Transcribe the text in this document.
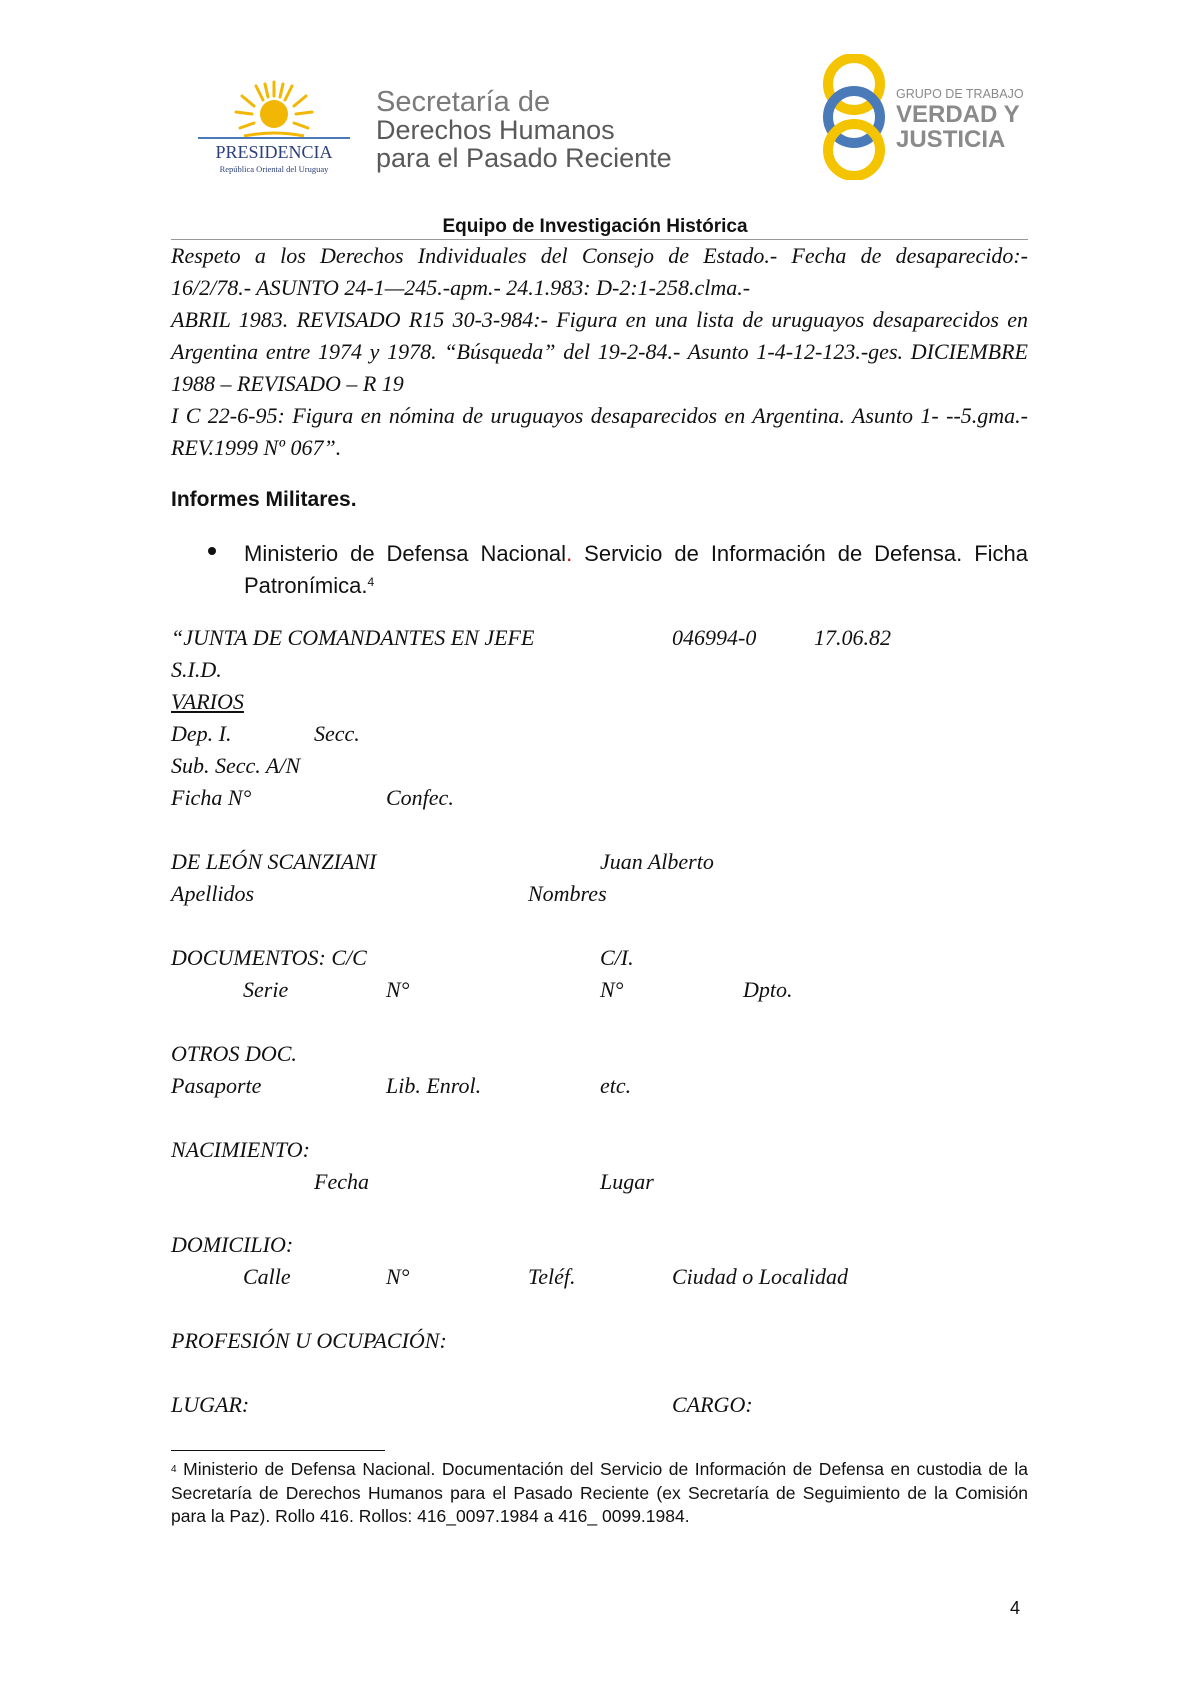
PRESIDENCIA
República Oriental del Uruguay
Secretaría de
Derechos Humanos
para el Pasado Reciente
GRUPO DE TRABAJO
VERDAD Y
JUSTICIA
Equipo de Investigación Histórica

Respeto a los Derechos Individuales del Consejo de Estado.- Fecha de desaparecido:-

16/2/78.- ASUNTO 24-1—245.-apm.- 24.1.983: D-2:1-258.clma.-

ABRIL 1983. REVISADO R15 30-3-984:- Figura en una lista de uruguayos desaparecidos en Argentina entre 1974 y 1978. “Búsqueda” del 19-2-84.- Asunto 1-4-12-123.-ges. DICIEMBRE 1988 – REVISADO – R 19

I C 22-6-95: Figura en nómina de uruguayos desaparecidos en Argentina. Asunto 1- --5.gma.- REV.1999 Nº 067”.

Informes Militares.
Ministerio de Defensa Nacional. Servicio de Información de Defensa. Ficha Patronímica.$^4$
“JUNTA DE COMANDANTES EN JEFE	046994-0	17.06.82
S.I.D.
VARIOS
Dep. I.	Secc.
Sub. Secc. A/N
Ficha N°	Confec.
DE LEÓN SCANZIANI	Juan Alberto
Apellidos	Nombres
DOCUMENTOS: C/C	C/I.
Serie	N°	N°	Dpto.
OTROS DOC.
Pasaporte	Lib. Enrol.	etc.
NACIMIENTO:
Fecha	Lugar
DOMICILIO:
Calle	N°	Teléf.	Ciudad o Localidad
PROFESIÓN U OCUPACIÓN:
LUGAR:	CARGO:
$^4$ Ministerio de Defensa Nacional. Documentación del Servicio de Información de Defensa en custodia de la Secretaría de Derechos Humanos para el Pasado Reciente (ex Secretaría de Seguimiento de la Comisión para la Paz). Rollo 416. Rollos: 416_0097.1984 a 416_ 0099.1984.
4
